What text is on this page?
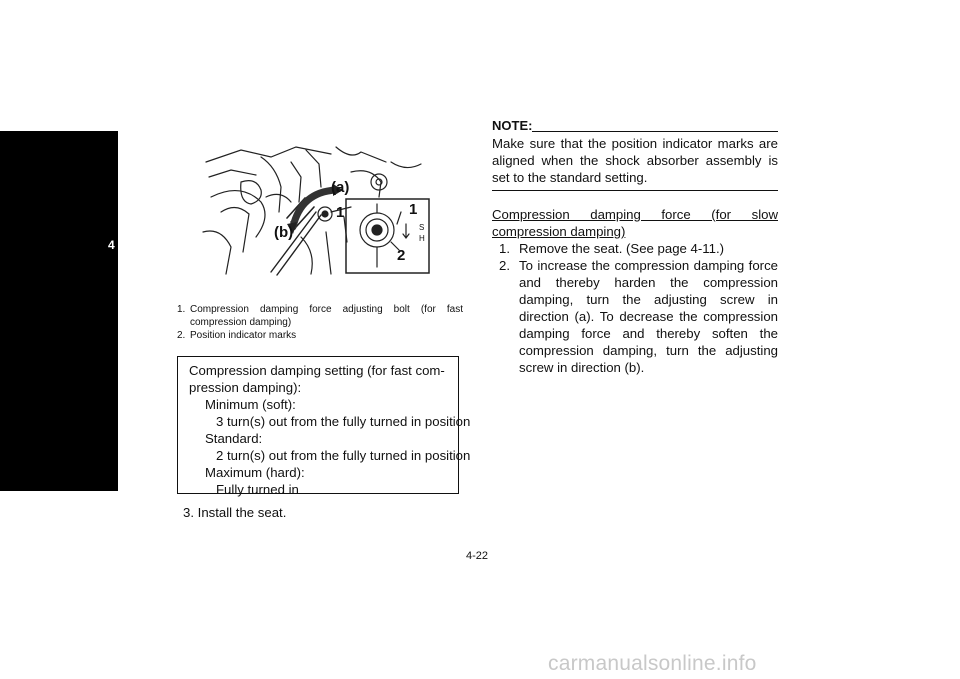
4
(a)
(b)
1	1
2
S
H
1. Compression damping force adjusting bolt (for fast compression damping)
2. Position indicator marks
Compression damping setting (for fast com-
pression damping):
Minimum (soft):
3 turn(s) out from the fully turned in position
Standard:
2 turn(s) out from the fully turned in position
Maximum (hard):
Fully turned in
3. Install the seat.
NOTE:
Make sure that the position indicator marks are aligned when the shock absorber assembly is set to the standard setting.
Compression damping force (for slow compression damping)
1. Remove the seat. (See page 4-11.)
2. To increase the compression damping force and thereby harden the compression damping, turn the adjusting screw in direction (a). To decrease the compression damping force and thereby soften the compression damping, turn the adjusting screw in direction (b).
4-22
carmanualsonline.info
